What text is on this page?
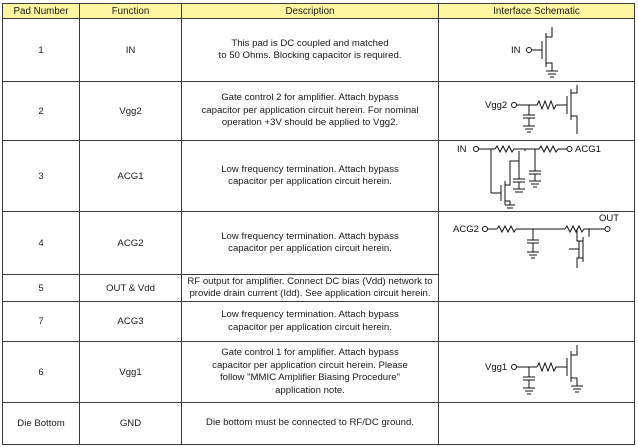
Pad Number	Function	Description	Interface Schematic
1	IN	This pad is DC coupled and matched
to 50 Ohms. Blocking capacitor is required.	IN

2	Vgg2	Gate control 2 for amplifier. Attach bypass
capacitor per application circuit herein. For nominal
operation +3V should be applied to Vgg2.	Vgg2

3	ACG1	Low frequency termination. Attach bypass
capacitor per application circuit herein.	IN ACG1

4	ACG2	Low frequency termination. Attach bypass
capacitor per application circuit herein.	ACG2
OUT

5	OUT & Vdd	RF output for amplifier. Connect DC bias (Vdd) network to
provide drain current (Idd). See application circuit herein.	
7	ACG3	Low frequency termination. Attach bypass
capacitor per application circuit herein.	
6	Vgg1	Gate control 1 for amplifier. Attach bypass
capacitor per application circuit herein. Please
follow "MMIC Amplifier Biasing Procedure"
application note.	Vgg1

Die Bottom	GND	Die bottom must be connected to RF/DC ground.	
